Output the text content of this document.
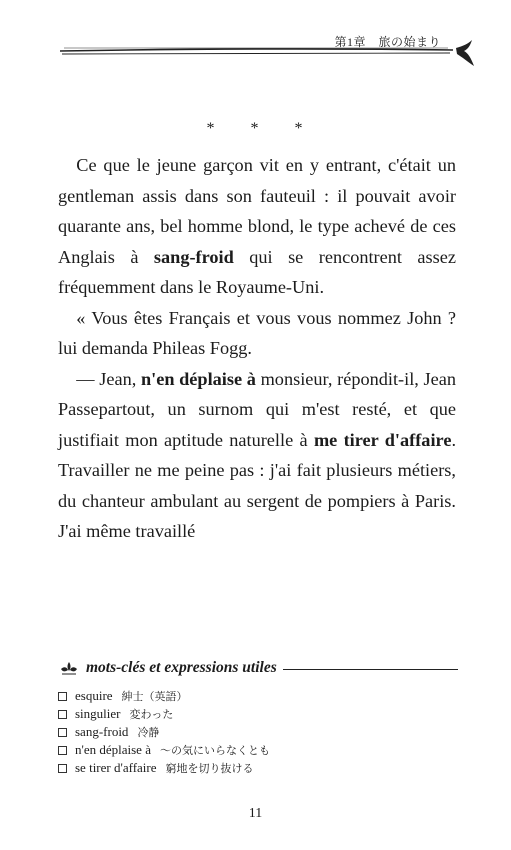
第1章　旅の始まり
* * *

Ce que le jeune garçon vit en y entrant, c'était un gentleman assis dans son fauteuil : il pouvait avoir quarante ans, bel homme blond, le type achevé de ces Anglais à sang-froid qui se rencontrent assez fréquemment dans le Royaume-Uni.

« Vous êtes Français et vous vous nommez John ? lui demanda Phileas Fogg.

— Jean, n'en déplaise à monsieur, répondit-il, Jean Passepartout, un surnom qui m'est resté, et que justifiait mon aptitude naturelle à me tirer d'affaire. Travailler ne me peine pas : j'ai fait plusieurs métiers, du chanteur ambulant au sergent de pompiers à Paris. J'ai même travaillé

mots-clés et expressions utiles
esquire 紳士（英語）
singulier 変わった
sang-froid 冷静
n'en déplaise à ～の気にいらなくとも
se tirer d'affaire 窮地を切り抜ける
11
